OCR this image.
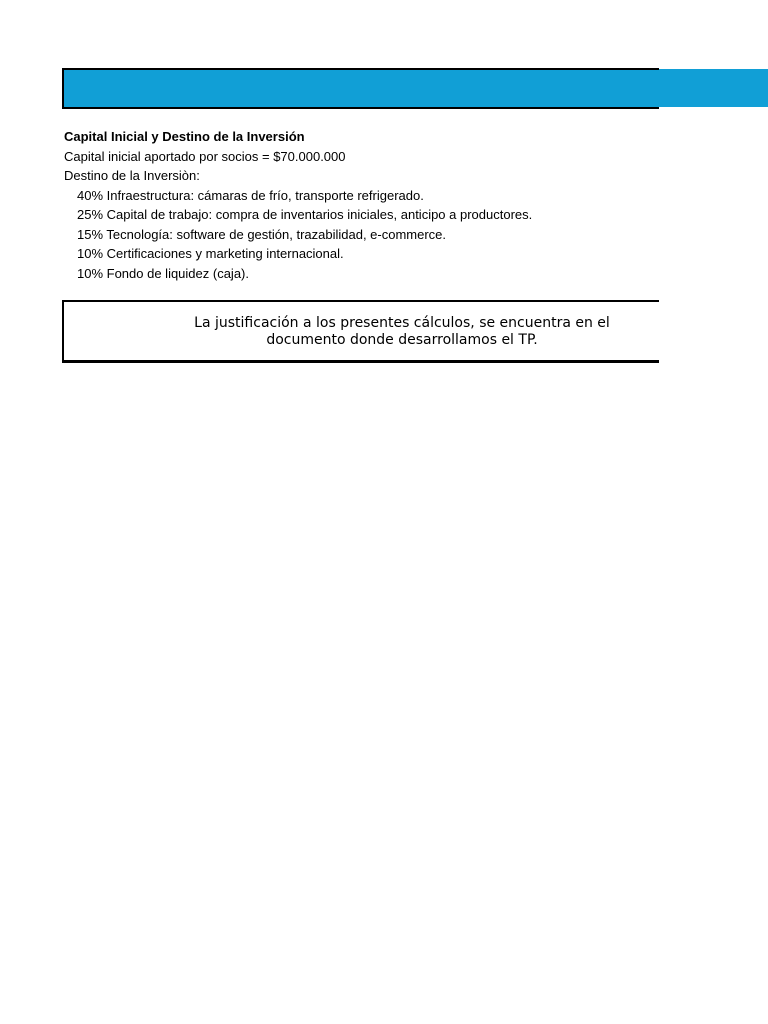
Capital Inicial y Destino de la Inversión
Capital inicial aportado por socios = $70.000.000
Destino de la Inversiòn:
40% Infraestructura: cámaras de frío, transporte refrigerado.
25% Capital de trabajo: compra de inventarios iniciales, anticipo a productores.
15% Tecnología: software de gestión, trazabilidad, e-commerce.
10% Certificaciones y marketing internacional.
10% Fondo de liquidez (caja).
La justificación a los presentes cálculos, se encuentra en el
documento donde desarrollamos el TP.
